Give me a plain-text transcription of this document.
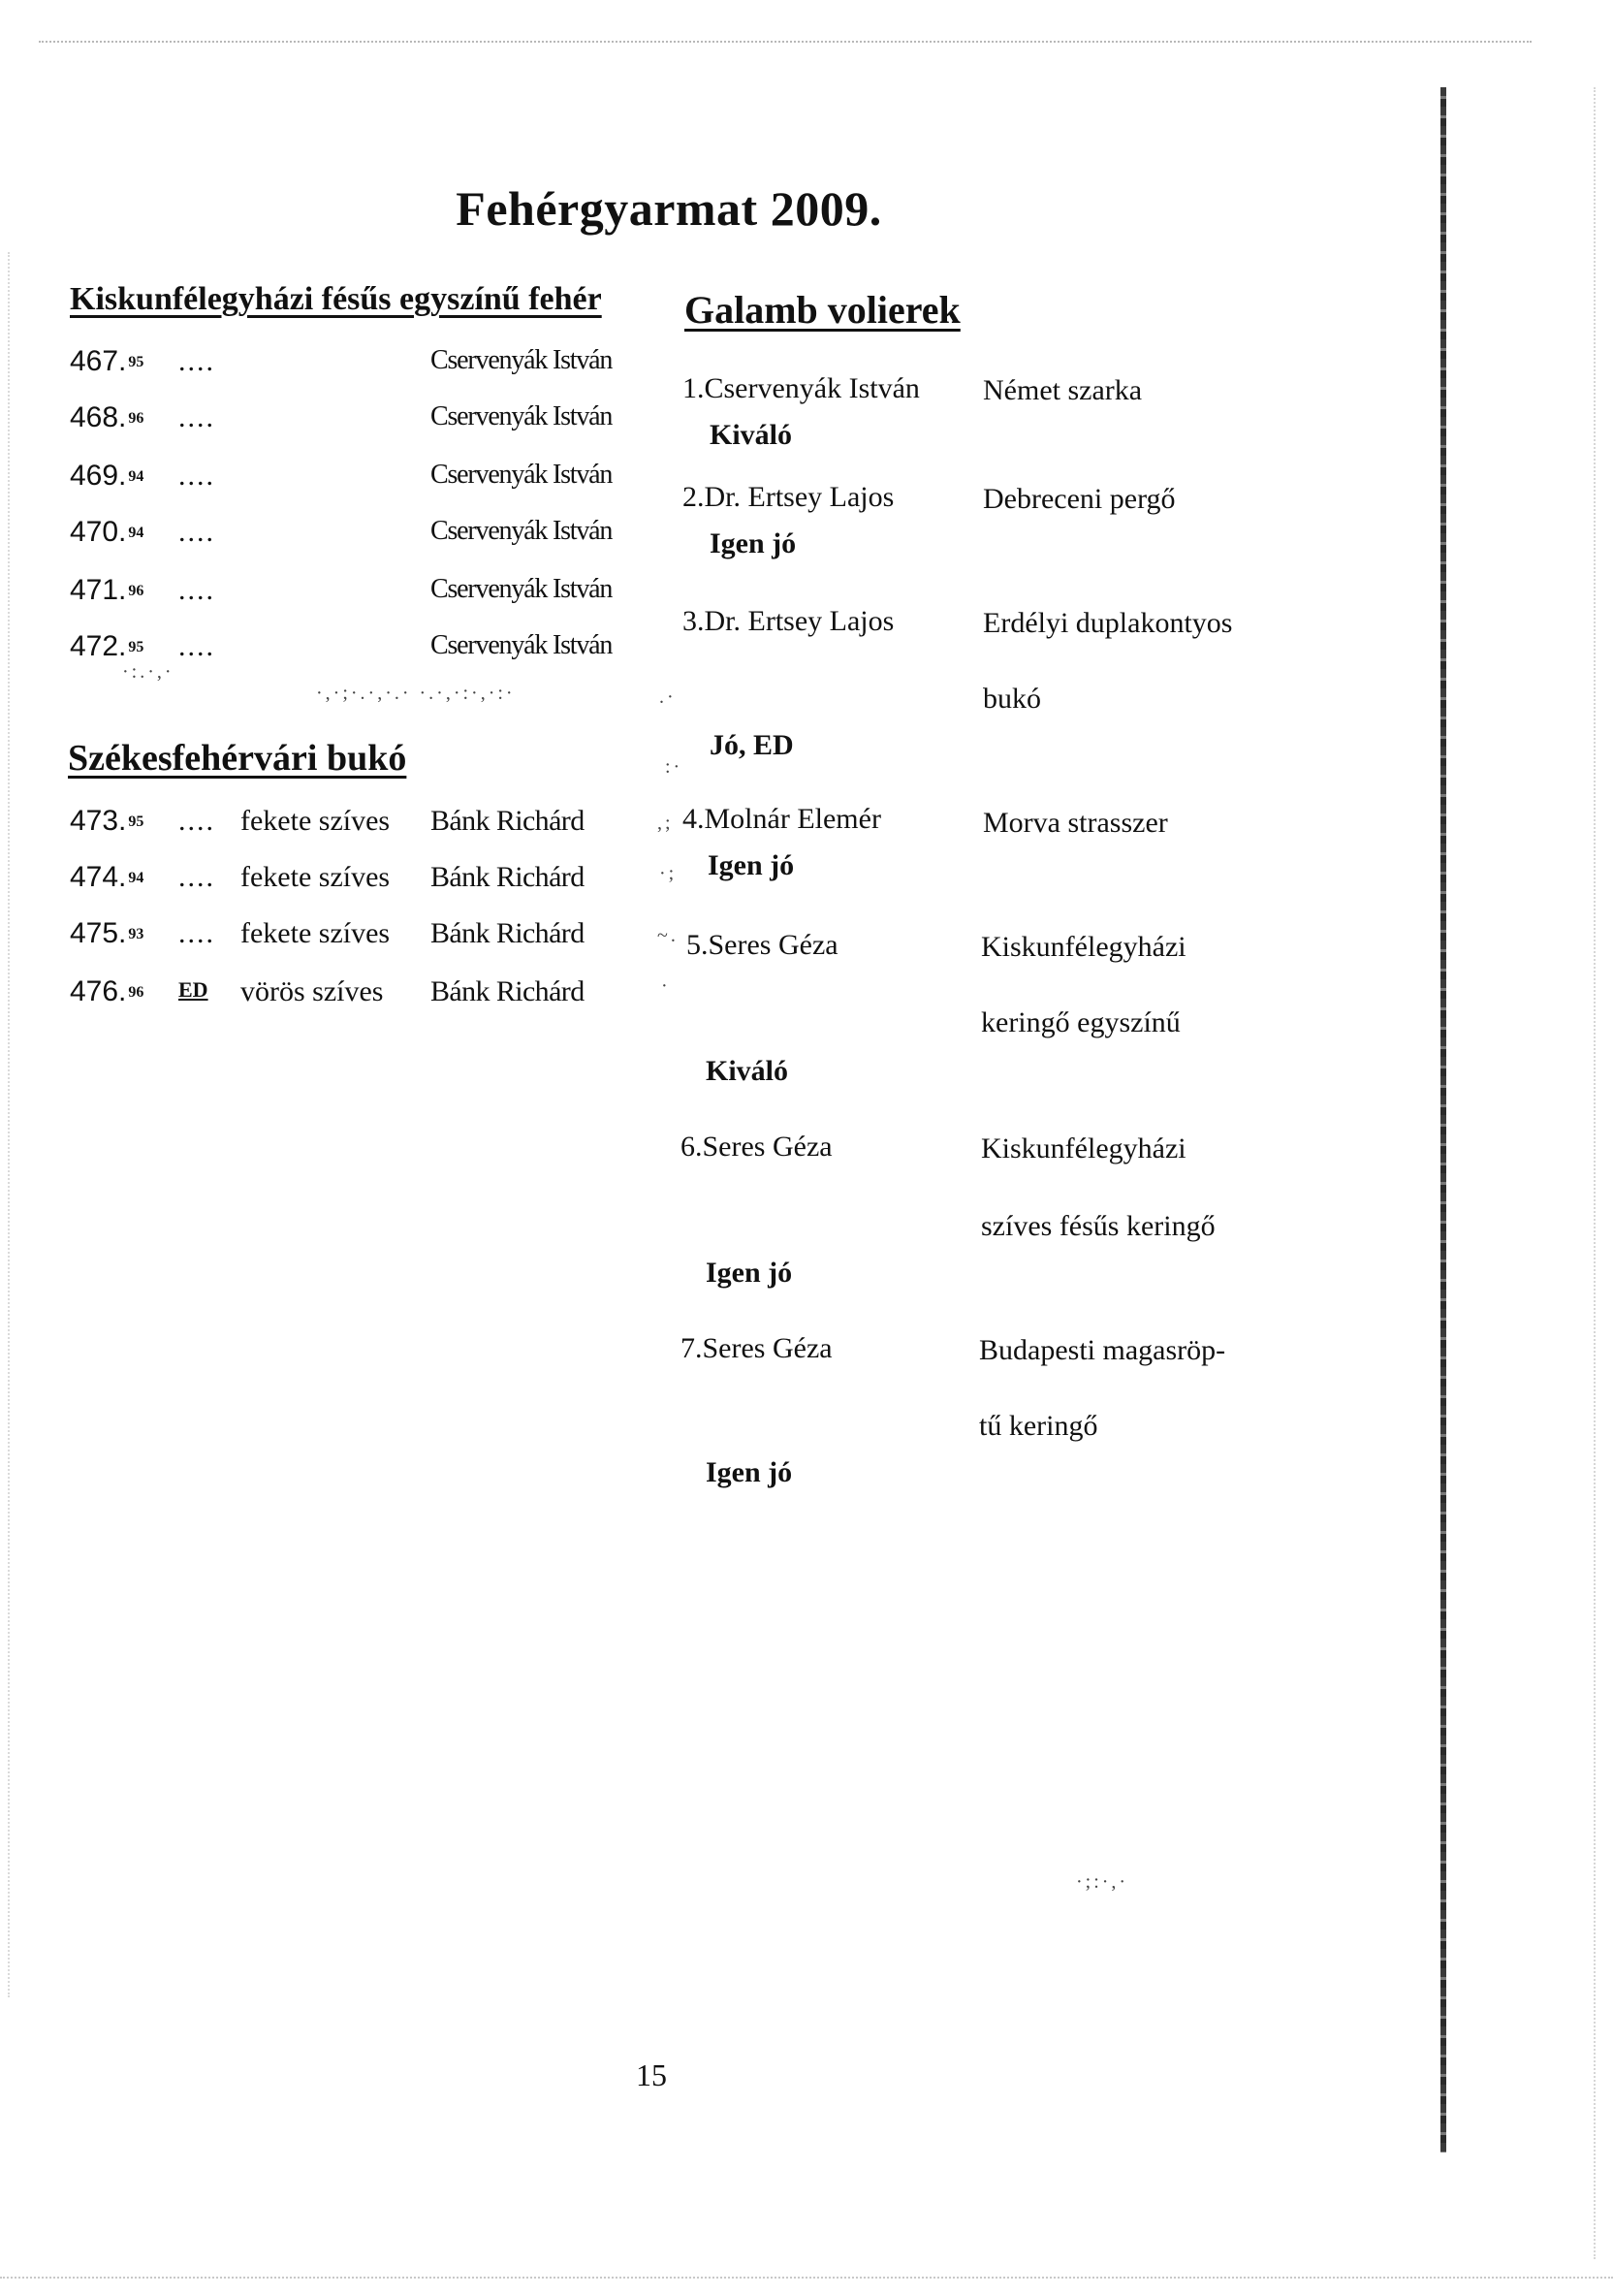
Fehérgyarmat 2009.
Kiskunfélegyházi fésűs egyszínű fehér
467. $^{95}$ ....	Cservenyák István
468. $^{96}$ ....	Cservenyák István
469. $^{94}$ ....	Cservenyák István
470. $^{94}$ ....	Cservenyák István
471. $^{96}$ ....	Cservenyák István
472. $^{95}$ ....	Cservenyák István
·:.·,·
·,·;·.·,·.· ·.·,·:·,·:·
Székesfehérvári bukó
473. $^{95}$ .... fekete szíves Bánk Richárd
474. $^{94}$ .... fekete szíves Bánk Richárd
475. $^{93}$ .... fekete szíves Bánk Richárd
476. $^{96}$ ED vörös szíves Bánk Richárd
Galamb volierek
1.Cservenyák István Német szarka
Kiváló
2.Dr. Ertsey Lajos	Debreceni pergő
Igen jó
3.Dr. Ertsey Lajos	Erdélyi duplakontyos
bukó
Jó, ED
4.Molnár Elemér	Morva strasszer
Igen jó
5.Seres Géza	Kiskunfélegyházi
keringő egyszínű
Kiváló
6.Seres Géza	Kiskunfélegyházi
szíves fésűs keringő
Igen jó
7.Seres Géza	Budapesti magasröp-
tű keringő
Igen jó
.·
:·
,;
·;
~.
·
·;:·,·
15
